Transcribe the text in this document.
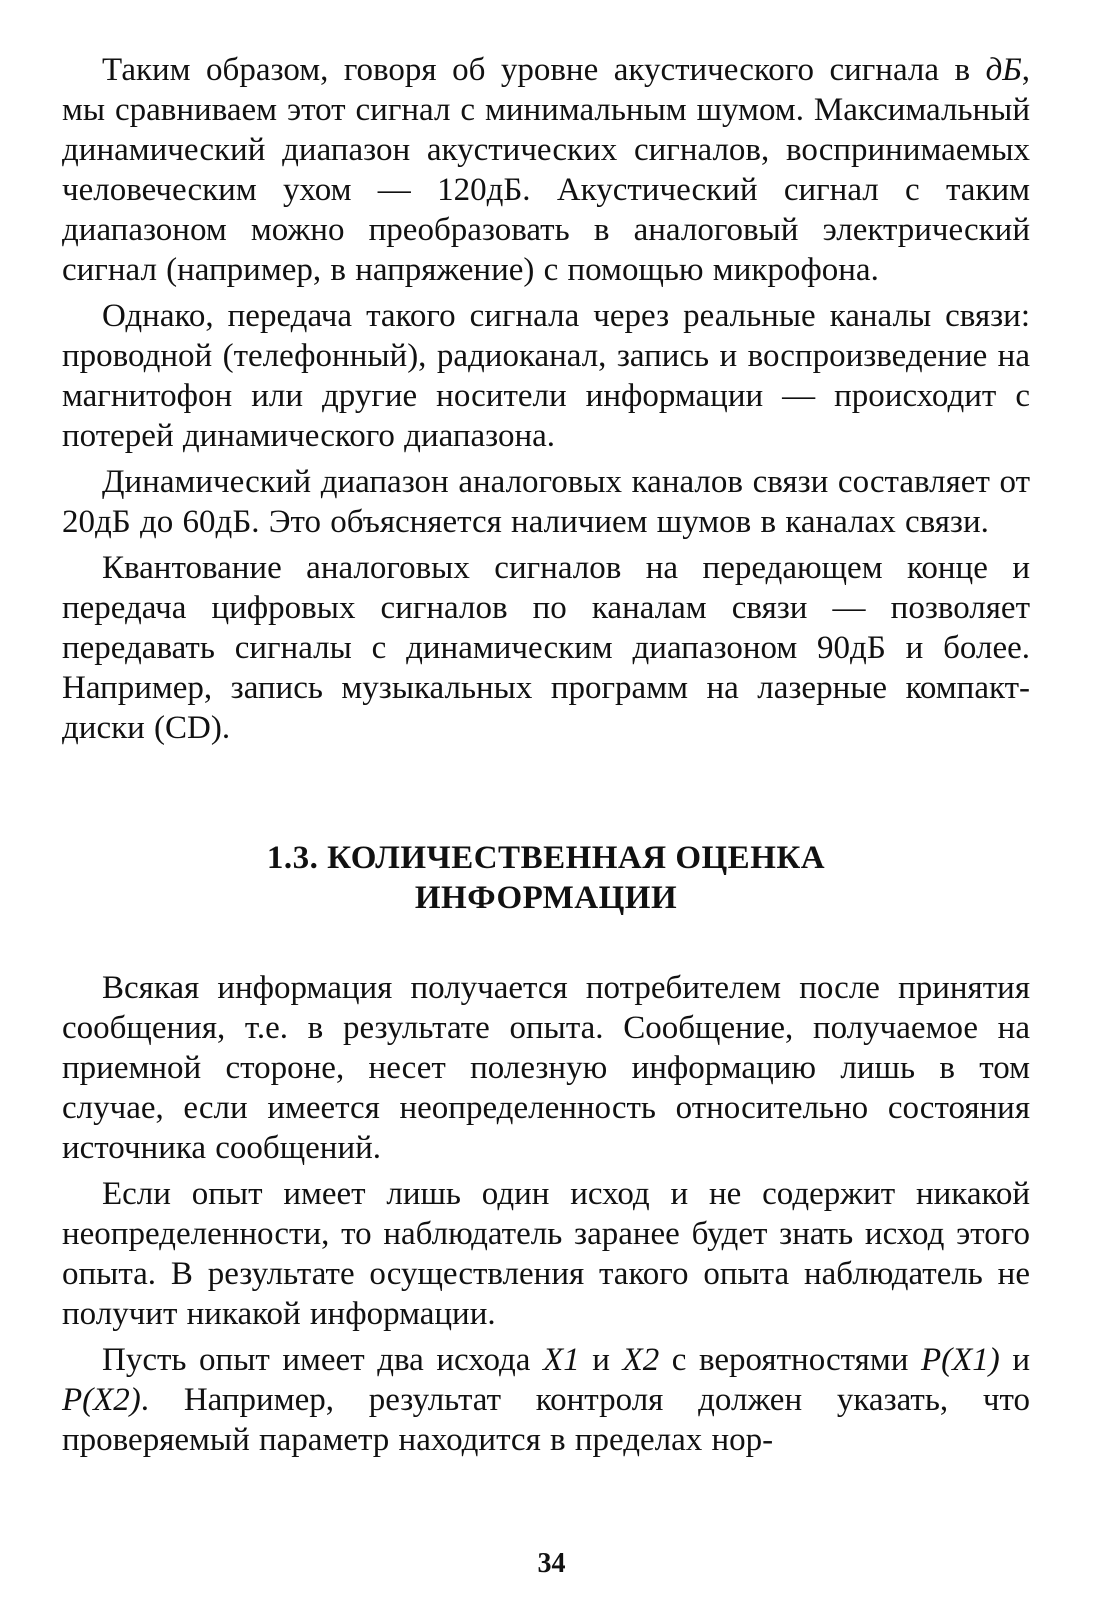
Таким образом, говоря об уровне акустического сигнала в дБ, мы сравниваем этот сигнал с минимальным шумом. Максимальный динамический диапазон акустических сигналов, воспринимаемых человеческим ухом — 120дБ. Акустический сигнал с таким диапазоном можно преобразовать в аналоговый электрический сигнал (например, в напряжение) с помощью микрофона.

Однако, передача такого сигнала через реальные каналы связи: проводной (телефонный), радиоканал, запись и воспроизведение на магнитофон или другие носители информации — происходит с потерей динамического диапазона.

Динамический диапазон аналоговых каналов связи составляет от 20дБ до 60дБ. Это объясняется наличием шумов в каналах связи.

Квантование аналоговых сигналов на передающем конце и передача цифровых сигналов по каналам связи — позволяет передавать сигналы с динамическим диапазоном 90дБ и более. Например, запись музыкальных программ на лазерные компакт-диски (CD).

1.3. КОЛИЧЕСТВЕННАЯ ОЦЕНКА
ИНФОРМАЦИИ

Всякая информация получается потребителем после принятия сообщения, т.е. в результате опыта. Сообщение, получаемое на приемной стороне, несет полезную информацию лишь в том случае, если имеется неопределенность относительно состояния источника сообщений.

Если опыт имеет лишь один исход и не содержит никакой неопределенности, то наблюдатель заранее будет знать исход этого опыта. В результате осуществления такого опыта наблюдатель не получит никакой информации.

Пусть опыт имеет два исхода X1 и X2 с вероятностями P(X1) и P(X2). Например, результат контроля должен указать, что проверяемый параметр находится в пределах нор-

34
